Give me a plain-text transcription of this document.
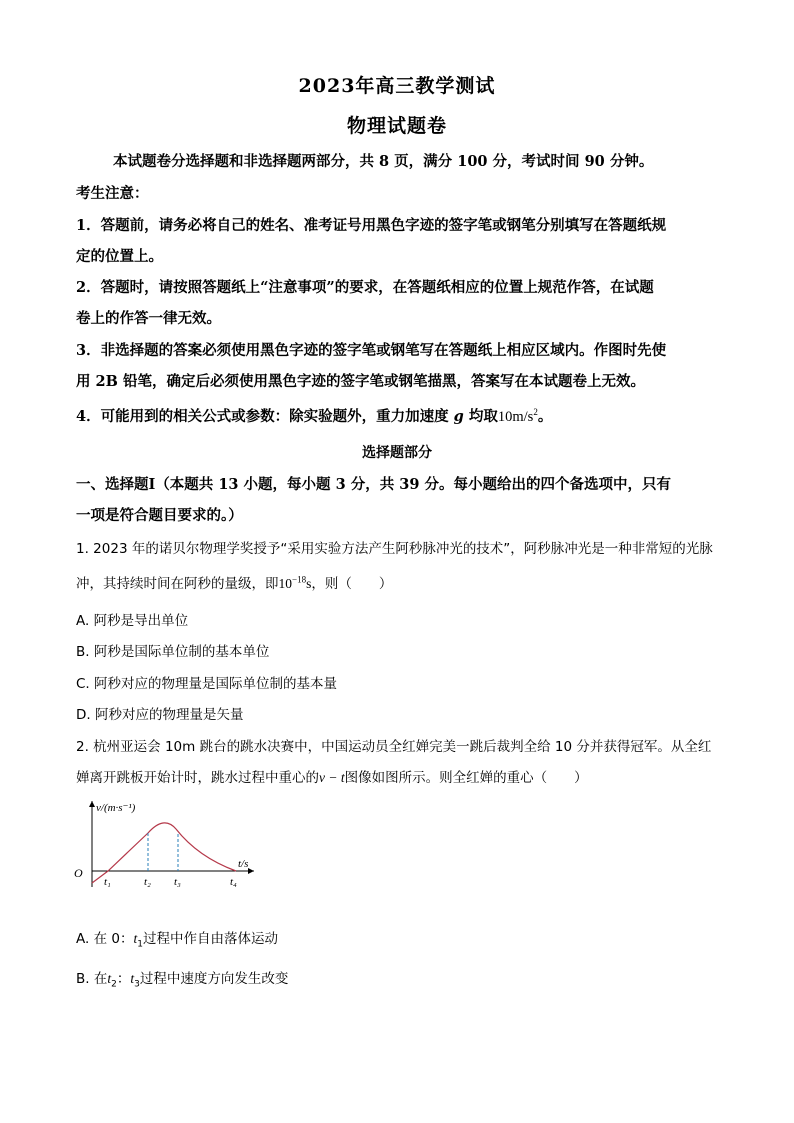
2023年高三教学测试
物理试题卷
本试题卷分选择题和非选择题两部分，共 8 页，满分 100 分，考试时间 90 分钟。
考生注意：
1．答题前，请务必将自己的姓名、准考证号用黑色字迹的签字笔或钢笔分别填写在答题纸规
定的位置上。
2．答题时，请按照答题纸上“注意事项”的要求，在答题纸相应的位置上规范作答，在试题
卷上的作答一律无效。
3．非选择题的答案必须使用黑色字迹的签字笔或钢笔写在答题纸上相应区域内。作图时先使
用 2B 铅笔，确定后必须使用黑色字迹的签字笔或钢笔描黑，答案写在本试题卷上无效。
4．可能用到的相关公式或参数：除实验题外，重力加速度 g 均取$10m/s^2$。
选择题部分
一、选择题Ⅰ（本题共 13 小题，每小题 3 分，共 39 分。每小题给出的四个备选项中，只有
一项是符合题目要求的。）
1. 2023 年的诺贝尔物理学奖授予“采用实验方法产生阿秒脉冲光的技术”，阿秒脉冲光是一种非常短的光脉
冲，其持续时间在阿秒的量级，即$10^{-18}s$，则（　　）
A. 阿秒是导出单位
B. 阿秒是国际单位制的基本单位
C. 阿秒对应的物理量是国际单位制的基本量
D. 阿秒对应的物理量是矢量
2. 杭州亚运会 10m 跳台的跳水决赛中，中国运动员全红婵完美一跳后裁判全给 10 分并获得冠军。从全红
婵离开跳板开始计时，跳水过程中重心的v − t图像如图所示。则全红婵的重心（　　）
v/(m·s⁻¹)
t/s
O
t₁	t₂ t₃	t₄
A. 在 0：$t_1$过程中作自由落体运动
B. 在$t_2$：$t_3$过程中速度方向发生改变
